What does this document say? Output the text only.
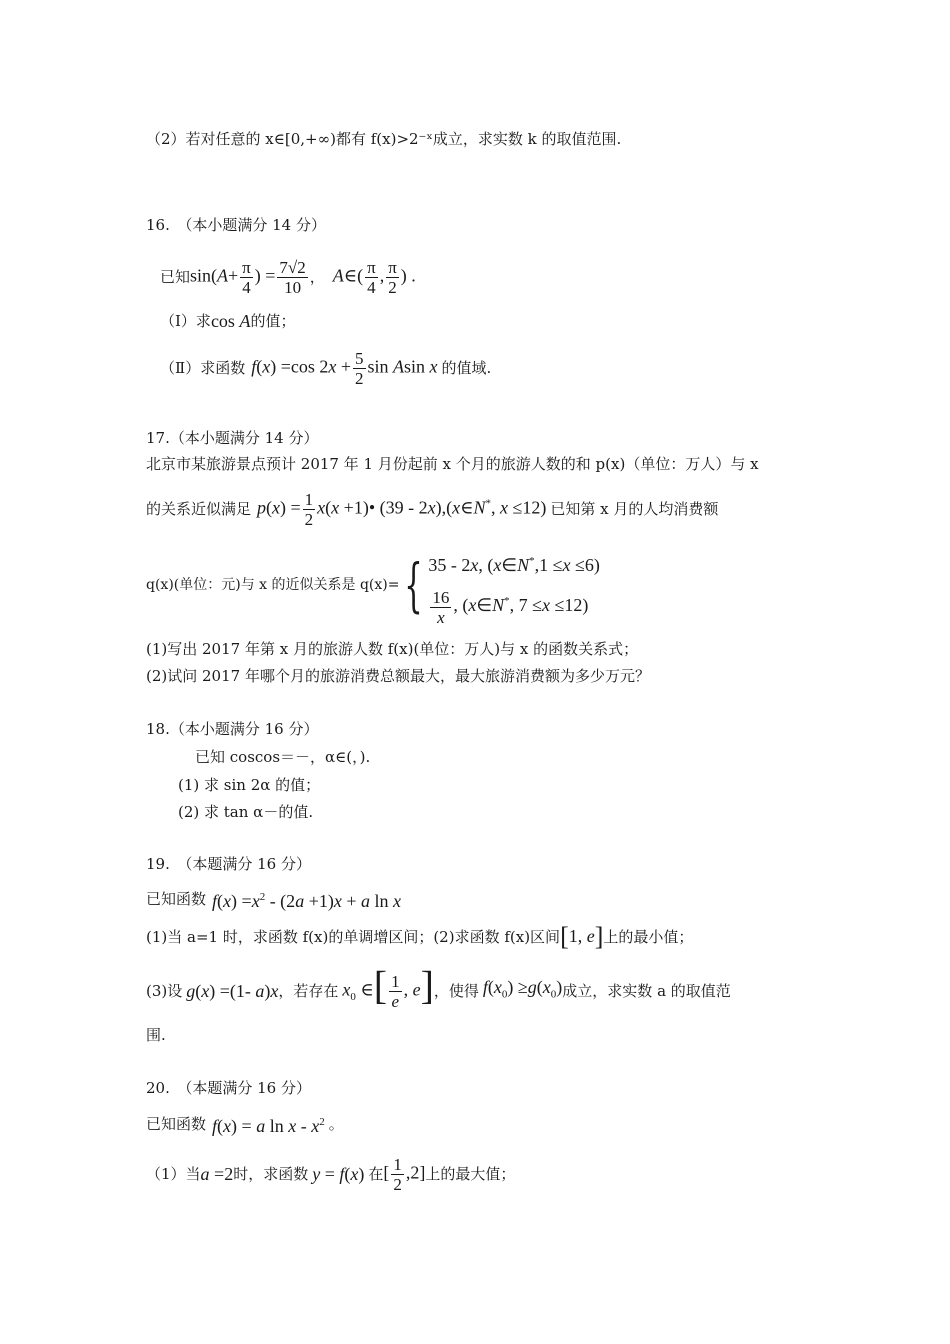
（2）若对任意的 x∈[0,+∞)都有 f(x)>2⁻ˣ成立，求实数 k 的取值范围.
16.　（本小题满分 14 分）
已知 $\sin(A+ \frac{\pi}{4}$ ) = $\frac{7√2}{10}$ ， A∈( $\frac{\pi}{4}$ , $\frac{\pi}{2}$ ) .
（Ⅰ）求 cos A 的值；
（Ⅱ）求函数 f(x) =cos $2x + \frac{5}{2}$ sin Asin x 的值域.
17.（本小题满分 14 分）
北京市某旅游景点预计 2017 年 1 月份起前 x 个月的旅游人数的和 p(x)（单位：万人）与 x
的关系近似满足 $p(x) = \frac{1}{2} x(x$ +1)• (39 - 2x),(x∈N*, x ≤12) 已知第 x 月的人均消费额
q(x)(单位：元)与 x 的近似关系是 q(x)= { 35 - 2x, (x∈N*,1 ≤x ≤6)
$\frac{16}{x}$ , (x∈N*, 7 ≤x ≤12)
(1)写出 2017 年第 x 月的旅游人数 f(x)(单位：万人)与 x 的函数关系式；
(2)试问 2017 年哪个月的旅游消费总额最大，最大旅游消费额为多少万元？
18.（本小题满分 16 分）
已知 coscos＝－，α∈(，).
(1) 求 sin 2α 的值；
(2) 求 tan α－的值.
19.　（本题满分 16 分）
已知函数 $f(x) =x^2 - (2a +1)x + a$ ln x
(1)当 a=1 时，求函数 f(x)的单调增区间；(2)求函数 f(x)区间 [1, e] 上的最小值；
(3)设 g(x) =(1- a)x ，若存在 $x_0$ ∈[ $\frac{1}{e}$ , e] ，使得 $f(x_0) \ge g(x_0)$ 成立，求实数 a 的取值范
围.
20.　（本题满分 16 分）
已知函数 f(x) = a ln x - $x^2$ 。
（1）当 a =2 时，求函数 y = f(x) 在 [ $\frac{1}{2} ,2$] 上的最大值；
